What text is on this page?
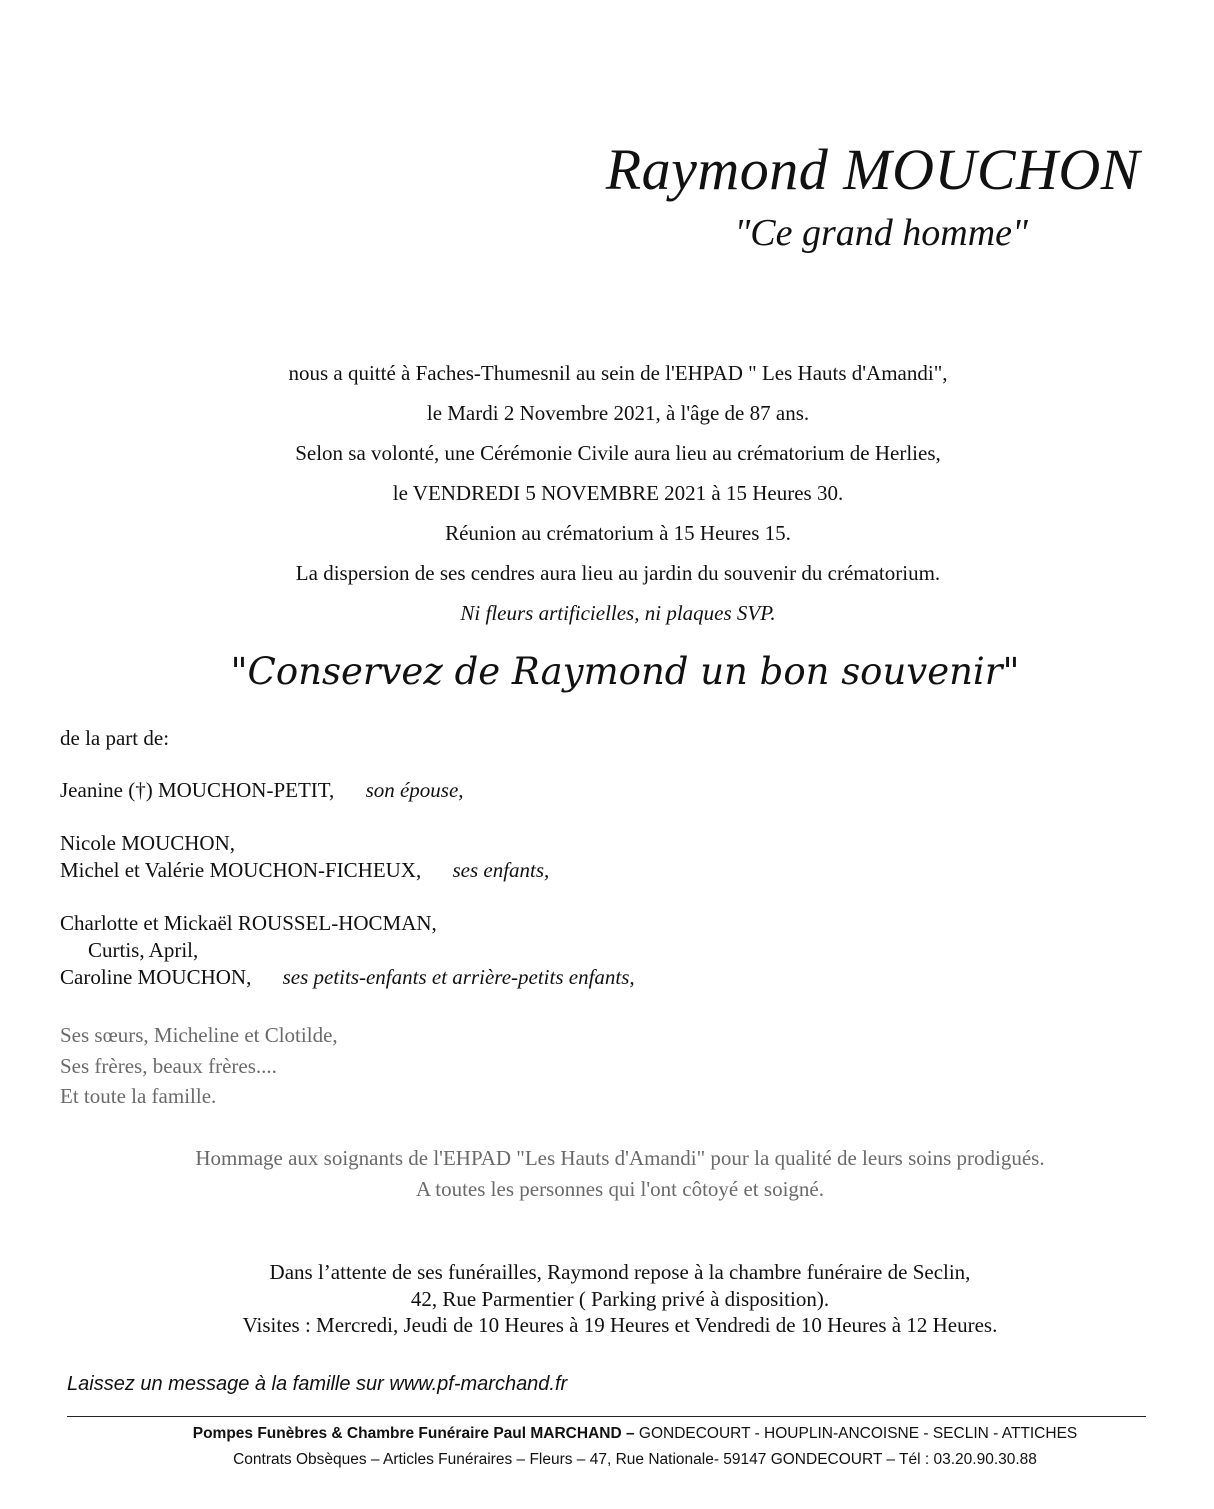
Raymond MOUCHON
"Ce grand homme"
nous a quitté à Faches-Thumesnil au sein de l'EHPAD " Les Hauts d'Amandi",
le Mardi 2 Novembre 2021, à l'âge de 87 ans.
Selon sa volonté, une Cérémonie Civile aura lieu au crématorium de Herlies,
le VENDREDI 5 NOVEMBRE 2021 à 15 Heures 30.
Réunion au crématorium à 15 Heures 15.
La dispersion de ses cendres aura lieu au jardin du souvenir du crématorium.
Ni fleurs artificielles, ni plaques SVP.
"Conservez de Raymond un bon souvenir"
de la part de:
Jeanine (†) MOUCHON-PETIT, son épouse,
Nicole MOUCHON,
Michel et Valérie MOUCHON-FICHEUX, ses enfants,
Charlotte et Mickaël ROUSSEL-HOCMAN,
Curtis, April,
Caroline MOUCHON, ses petits-enfants et arrière-petits enfants,
Ses sœurs, Micheline et Clotilde,
Ses frères, beaux frères....
Et toute la famille.
Hommage aux soignants de l'EHPAD "Les Hauts d'Amandi" pour la qualité de leurs soins prodigués.
A toutes les personnes qui l'ont côtoyé et soigné.
Dans l’attente de ses funérailles, Raymond repose à la chambre funéraire de Seclin,
42, Rue Parmentier ( Parking privé à disposition).
Visites : Mercredi, Jeudi de 10 Heures à 19 Heures et Vendredi de 10 Heures à 12 Heures.
Laissez un message à la famille sur www.pf-marchand.fr
Pompes Funèbres & Chambre Funéraire Paul MARCHAND – GONDECOURT - HOUPLIN-ANCOISNE - SECLIN - ATTICHES
Contrats Obsèques – Articles Funéraires – Fleurs – 47, Rue Nationale- 59147 GONDECOURT – Tél : 03.20.90.30.88
